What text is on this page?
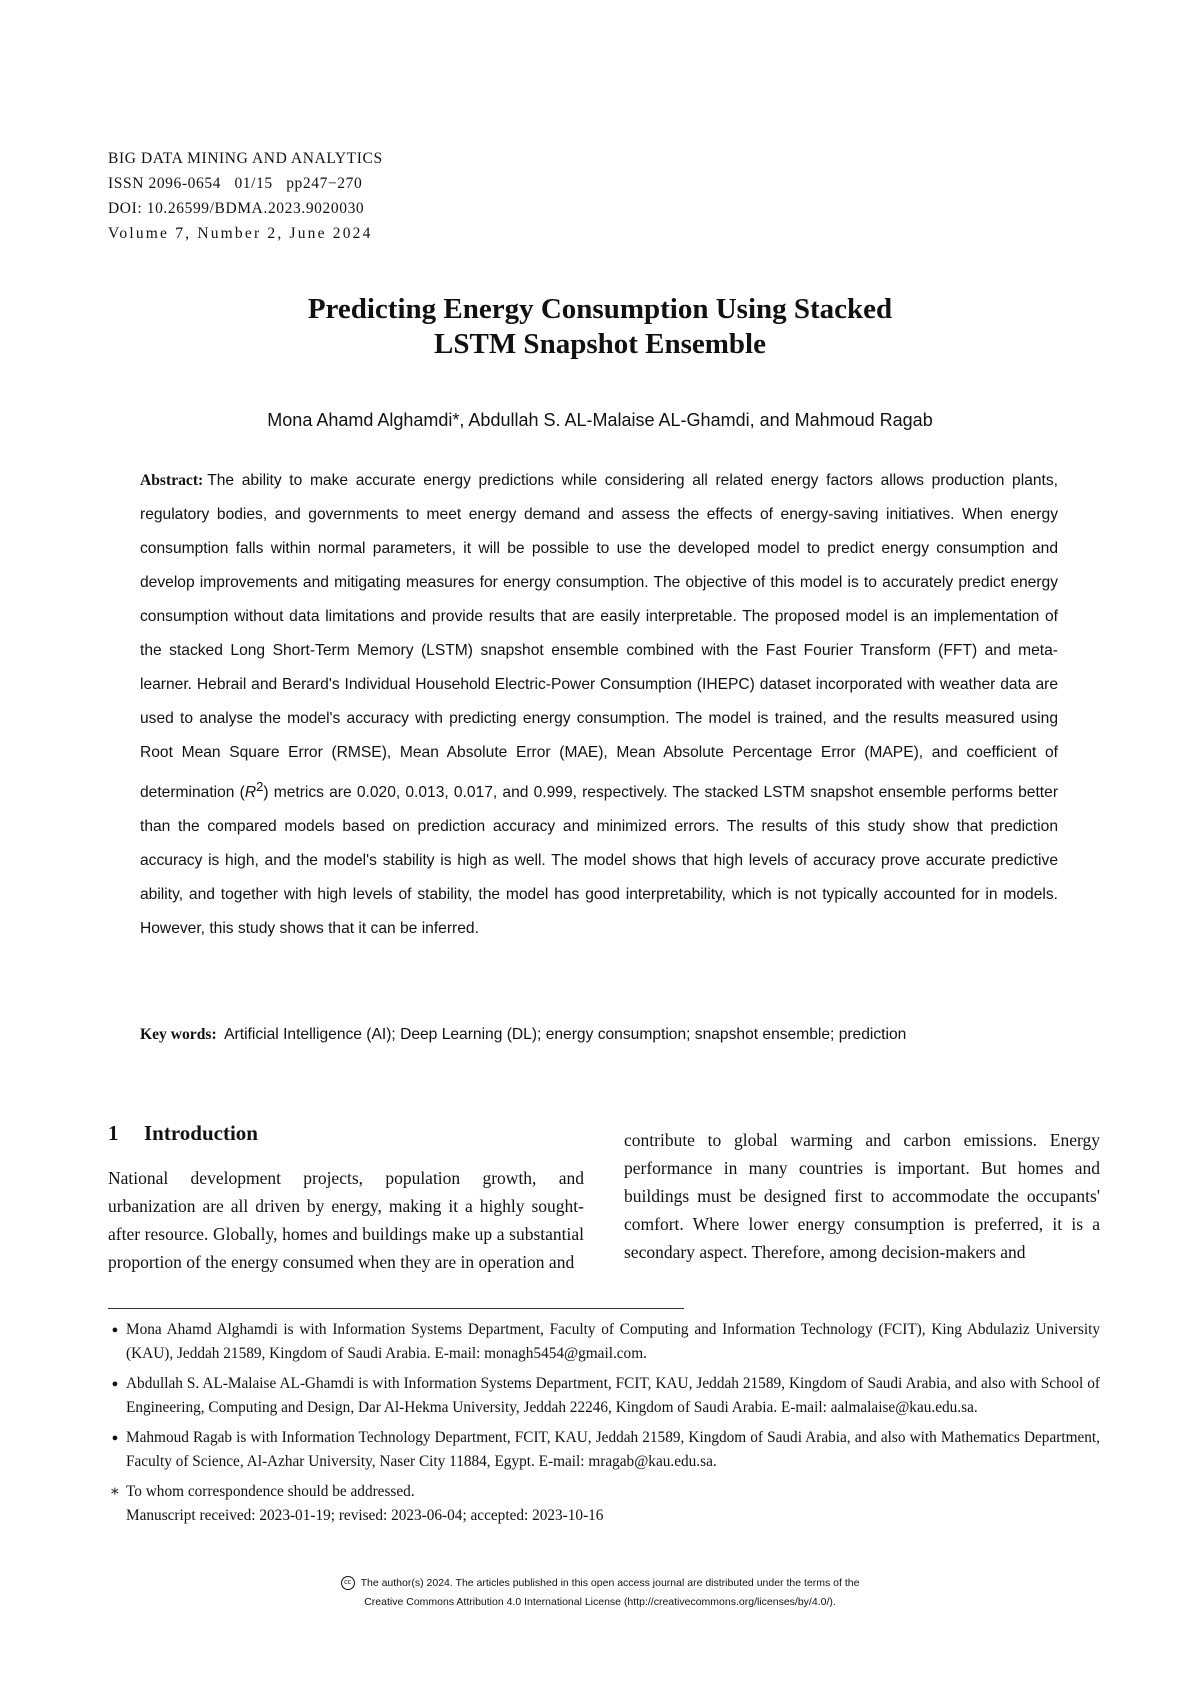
BIG DATA MINING AND ANALYTICS
ISSN 2096-0654   01/15   pp247−270
DOI: 10.26599/BDMA.2023.9020030
Volume 7, Number 2, June 2024
Predicting Energy Consumption Using Stacked
LSTM Snapshot Ensemble
Mona Ahamd Alghamdi*, Abdullah S. AL-Malaise AL-Ghamdi, and Mahmoud Ragab
Abstract: The ability to make accurate energy predictions while considering all related energy factors allows production plants, regulatory bodies, and governments to meet energy demand and assess the effects of energy-saving initiatives. When energy consumption falls within normal parameters, it will be possible to use the developed model to predict energy consumption and develop improvements and mitigating measures for energy consumption. The objective of this model is to accurately predict energy consumption without data limitations and provide results that are easily interpretable. The proposed model is an implementation of the stacked Long Short-Term Memory (LSTM) snapshot ensemble combined with the Fast Fourier Transform (FFT) and meta-learner. Hebrail and Berard's Individual Household Electric-Power Consumption (IHEPC) dataset incorporated with weather data are used to analyse the model's accuracy with predicting energy consumption. The model is trained, and the results measured using Root Mean Square Error (RMSE), Mean Absolute Error (MAE), Mean Absolute Percentage Error (MAPE), and coefficient of determination $(R^2)$ metrics are 0.020, 0.013, 0.017, and 0.999, respectively. The stacked LSTM snapshot ensemble performs better than the compared models based on prediction accuracy and minimized errors. The results of this study show that prediction accuracy is high, and the model's stability is high as well. The model shows that high levels of accuracy prove accurate predictive ability, and together with high levels of stability, the model has good interpretability, which is not typically accounted for in models. However, this study shows that it can be inferred.
Key words: Artificial Intelligence (AI); Deep Learning (DL); energy consumption; snapshot ensemble; prediction
1 Introduction
National development projects, population growth, and urbanization are all driven by energy, making it a highly sought-after resource. Globally, homes and buildings make up a substantial proportion of the energy consumed when they are in operation and
contribute to global warming and carbon emissions. Energy performance in many countries is important. But homes and buildings must be designed first to accommodate the occupants' comfort. Where lower energy consumption is preferred, it is a secondary aspect. Therefore, among decision-makers and
● Mona Ahamd Alghamdi is with Information Systems Department, Faculty of Computing and Information Technology (FCIT), King Abdulaziz University (KAU), Jeddah 21589, Kingdom of Saudi Arabia. E-mail: monagh5454@gmail.com.
● Abdullah S. AL-Malaise AL-Ghamdi is with Information Systems Department, FCIT, KAU, Jeddah 21589, Kingdom of Saudi Arabia, and also with School of Engineering, Computing and Design, Dar Al-Hekma University, Jeddah 22246, Kingdom of Saudi Arabia. E-mail: aalmalaise@kau.edu.sa.
● Mahmoud Ragab is with Information Technology Department, FCIT, KAU, Jeddah 21589, Kingdom of Saudi Arabia, and also with Mathematics Department, Faculty of Science, Al-Azhar University, Naser City 11884, Egypt. E-mail: mragab@kau.edu.sa.
∗ To whom correspondence should be addressed.
Manuscript received: 2023-01-19; revised: 2023-06-04; accepted: 2023-10-16
cc The author(s) 2024. The articles published in this open access journal are distributed under the terms of the
Creative Commons Attribution 4.0 International License (http://creativecommons.org/licenses/by/4.0/).
